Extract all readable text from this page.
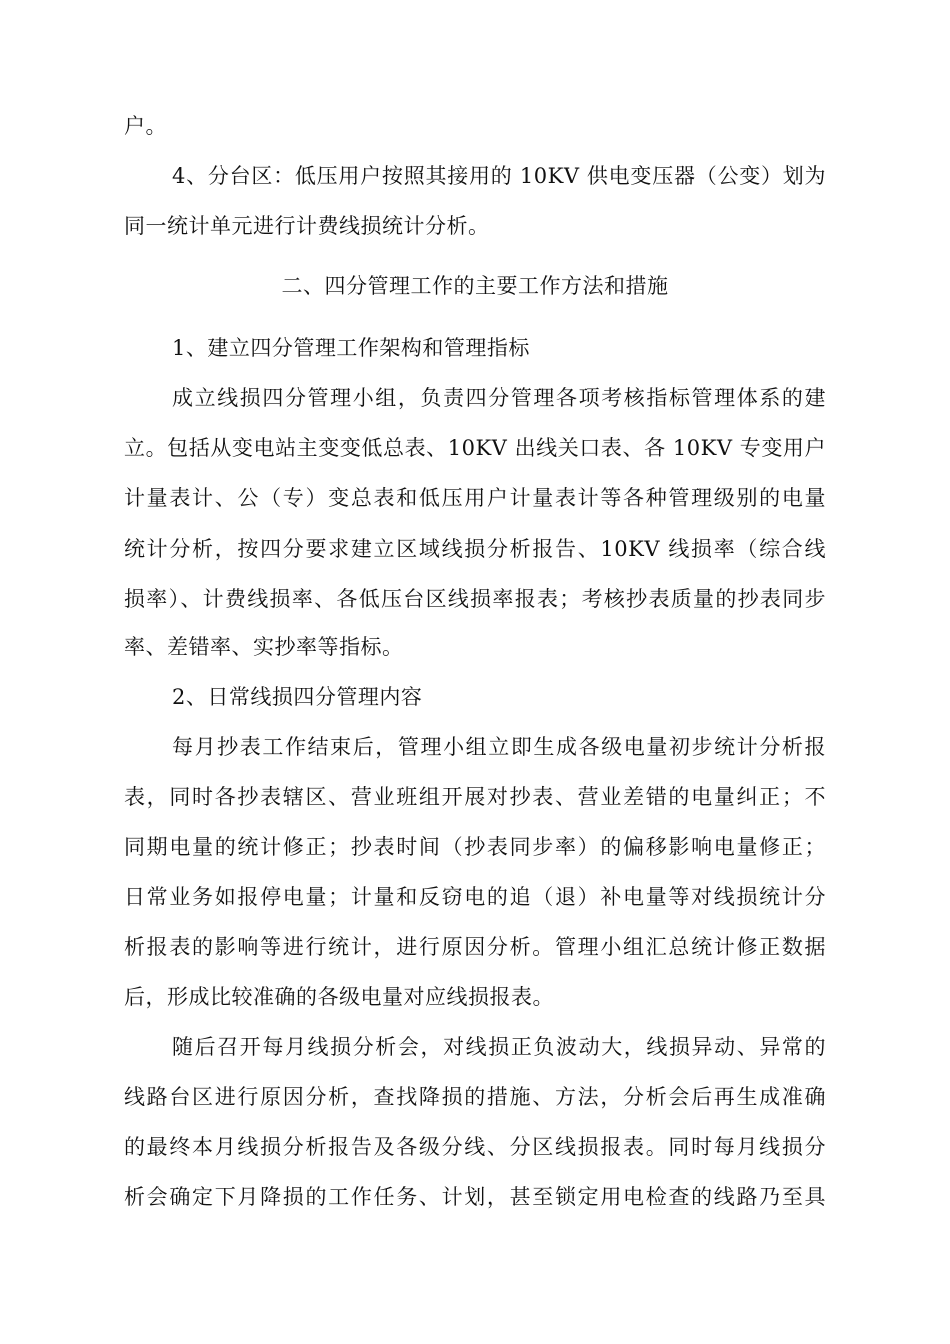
户。
4、分台区：低压用户按照其接用的 10KV 供电变压器（公变）划为
同一统计单元进行计费线损统计分析。
二、四分管理工作的主要工作方法和措施
1、建立四分管理工作架构和管理指标
成立线损四分管理小组，负责四分管理各项考核指标管理体系的建
立。包括从变电站主变变低总表、10KV 出线关口表、各 10KV 专变用户
计量表计、公（专）变总表和低压用户计量表计等各种管理级别的电量
统计分析，按四分要求建立区域线损分析报告、10KV 线损率（综合线
损率）、计费线损率、各低压台区线损率报表；考核抄表质量的抄表同步
率、差错率、实抄率等指标。
2、日常线损四分管理内容
每月抄表工作结束后，管理小组立即生成各级电量初步统计分析报
表，同时各抄表辖区、营业班组开展对抄表、营业差错的电量纠正；不
同期电量的统计修正；抄表时间（抄表同步率）的偏移影响电量修正；
日常业务如报停电量；计量和反窃电的追（退）补电量等对线损统计分
析报表的影响等进行统计，进行原因分析。管理小组汇总统计修正数据
后，形成比较准确的各级电量对应线损报表。
随后召开每月线损分析会，对线损正负波动大，线损异动、异常的
线路台区进行原因分析，查找降损的措施、方法，分析会后再生成准确
的最终本月线损分析报告及各级分线、分区线损报表。同时每月线损分
析会确定下月降损的工作任务、计划，甚至锁定用电检查的线路乃至具
